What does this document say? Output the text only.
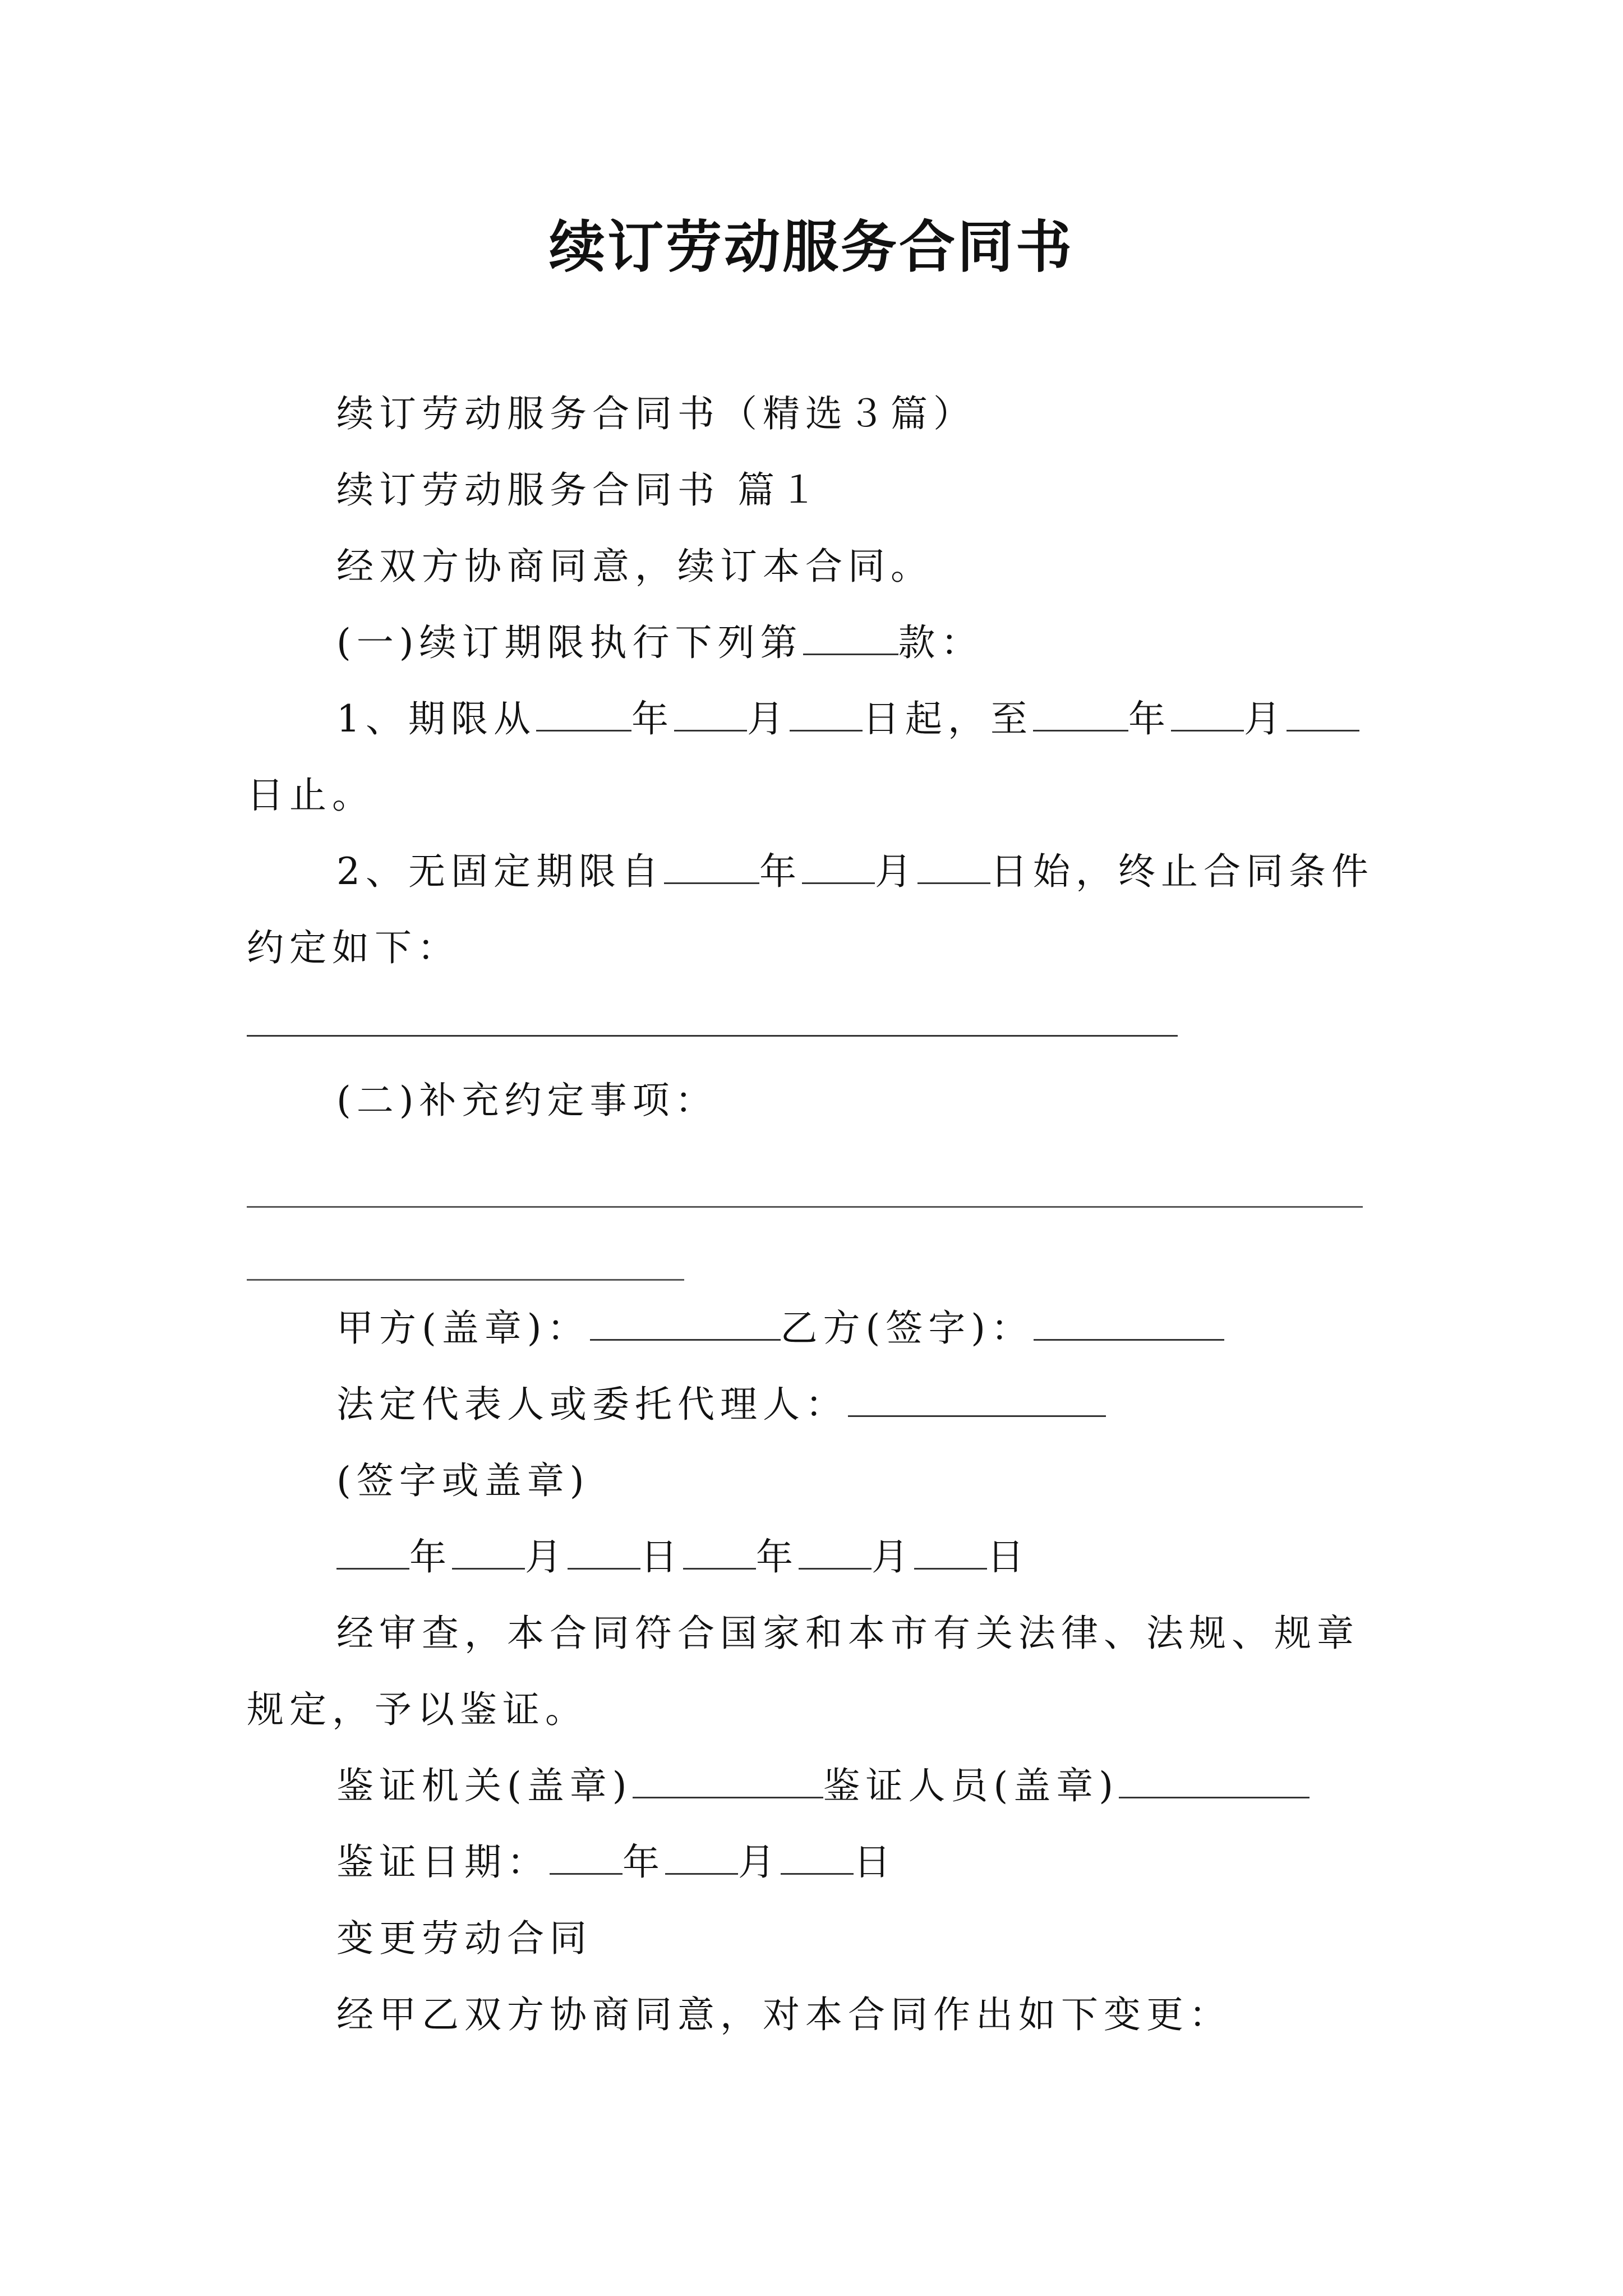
续订劳动服务合同书

续订劳动服务合同书（精选３篇）

续订劳动服务合同书 篇１

经双方协商同意，续订本合同。

(一)续订期限执行下列第	款：

1、期限从	年 月 日起，至	年 月日止。

2、无固定期限自	年 月 日始，终止合同条件约定如下：

(二)补充约定事项：

甲方(盖章)：	乙方(签字)：

法定代表人或委托代理人：

(签字或盖章)

年 月 日 年 月 日

经审查，本合同符合国家和本市有关法律、法规、规章规定，予以鉴证。

鉴证机关(盖章)	鉴证人员(盖章)

鉴证日期： 年 月 日

变更劳动合同

经甲乙双方协商同意，对本合同作出如下变更：
